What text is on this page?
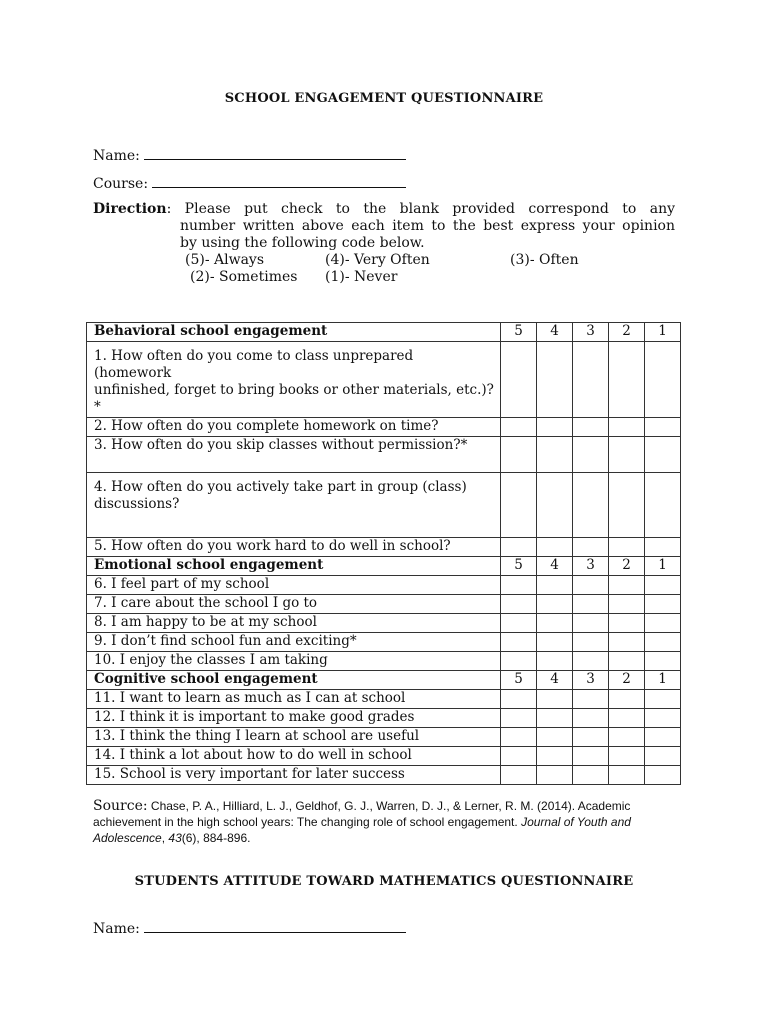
SCHOOL ENGAGEMENT QUESTIONNAIRE
Name:
Course:
Direction: Please put check to the blank provided correspond to any
number written above each item to the best express your opinion
by using the following code below.
(5)- Always	(4)- Very Often	(3)- Often
(2)- Sometimes (1)- Never
Behavioral school engagement	5	4	3	2	1

1. How often do you come to class unprepared (homework
unfinished, forget to bring books or other materials, etc.)?*					

2. How often do you complete homework on time?					

3. How often do you skip classes without permission?*					

4. How often do you actively take part in group (class)
discussions?					

5. How often do you work hard to do well in school?					

Emotional school engagement	5	4	3	2	1

6. I feel part of my school					

7. I care about the school I go to					

8. I am happy to be at my school					

9. I don’t find school fun and exciting*					

10. I enjoy the classes I am taking					

Cognitive school engagement	5	4	3	2	1

11. I want to learn as much as I can at school					

12. I think it is important to make good grades					

13. I think the thing I learn at school are useful					

14. I think a lot about how to do well in school					

15. School is very important for later success					

Source: Chase, P. A., Hilliard, L. J., Geldhof, G. J., Warren, D. J., & Lerner, R. M. (2014). Academic achievement in the high school years: The changing role of school engagement. Journal of Youth and Adolescence, 43(6), 884-896.
STUDENTS ATTITUDE TOWARD MATHEMATICS QUESTIONNAIRE
Name:
